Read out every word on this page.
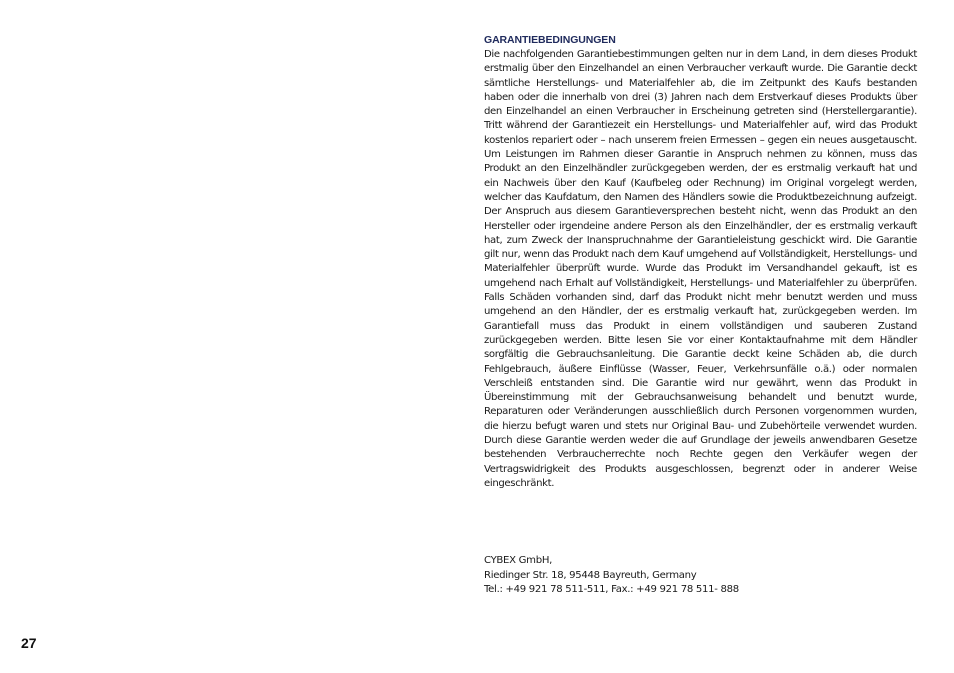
GARANTIEBEDINGUNGEN

Die nachfolgenden Garantiebestimmungen gelten nur in dem Land, in dem dieses Produkt erstmalig über den Einzelhandel an einen Verbraucher verkauft wurde. Die Garantie deckt sämtliche Herstellungs- und Materialfehler ab, die im Zeitpunkt des Kaufs bestanden haben oder die innerhalb von drei (3) Jahren nach dem Erstverkauf dieses Produkts über den Einzelhandel an einen Verbraucher in Erscheinung getreten sind (Herstellergarantie). Tritt während der Garantiezeit ein Herstellungs- und Materialfehler auf, wird das Produkt kostenlos repariert oder – nach unserem freien Ermessen – gegen ein neues ausgetauscht. Um Leistungen im Rahmen dieser Garantie in Anspruch nehmen zu können, muss das Produkt an den Einzelhändler zurückgegeben werden, der es erstmalig verkauft hat und ein Nachweis über den Kauf (Kaufbeleg oder Rechnung) im Original vorgelegt werden, welcher das Kaufdatum, den Namen des Händlers sowie die Produktbezeichnung aufzeigt. Der Anspruch aus diesem Garantieversprechen besteht nicht, wenn das Produkt an den Hersteller oder irgendeine andere Person als den Einzelhändler, der es erstmalig verkauft hat, zum Zweck der Inanspruchnahme der Garantieleistung geschickt wird. Die Garantie gilt nur, wenn das Produkt nach dem Kauf umgehend auf Vollständigkeit, Herstellungs- und Materialfehler überprüft wurde. Wurde das Produkt im Versandhandel gekauft, ist es umgehend nach Erhalt auf Vollständigkeit, Herstellungs- und Materialfehler zu überprüfen. Falls Schäden vorhanden sind, darf das Produkt nicht mehr benutzt werden und muss umgehend an den Händler, der es erstmalig verkauft hat, zurückgegeben werden. Im Garantiefall muss das Produkt in einem vollständigen und sauberen Zustand zurückgegeben werden. Bitte lesen Sie vor einer Kontaktaufnahme mit dem Händler sorgfältig die Gebrauchsanleitung. Die Garantie deckt keine Schäden ab, die durch Fehlgebrauch, äußere Einflüsse (Wasser, Feuer, Verkehrsunfälle o.ä.) oder normalen Verschleiß entstanden sind. Die Garantie wird nur gewährt, wenn das Produkt in Übereinstimmung mit der Gebrauchsanweisung behandelt und benutzt wurde, Reparaturen oder Veränderungen ausschließlich durch Personen vorgenommen wurden, die hierzu befugt waren und stets nur Original Bau- und Zubehörteile verwendet wurden. Durch diese Garantie werden weder die auf Grundlage der jeweils anwendbaren Gesetze bestehenden Verbraucherrechte noch Rechte gegen den Verkäufer wegen der Vertragswidrigkeit des Produkts ausgeschlossen, begrenzt oder in anderer Weise eingeschränkt.

CYBEX GmbH,
Riedinger Str. 18, 95448 Bayreuth, Germany
Tel.: +49 921 78 511-511, Fax.: +49 921 78 511- 888
27
